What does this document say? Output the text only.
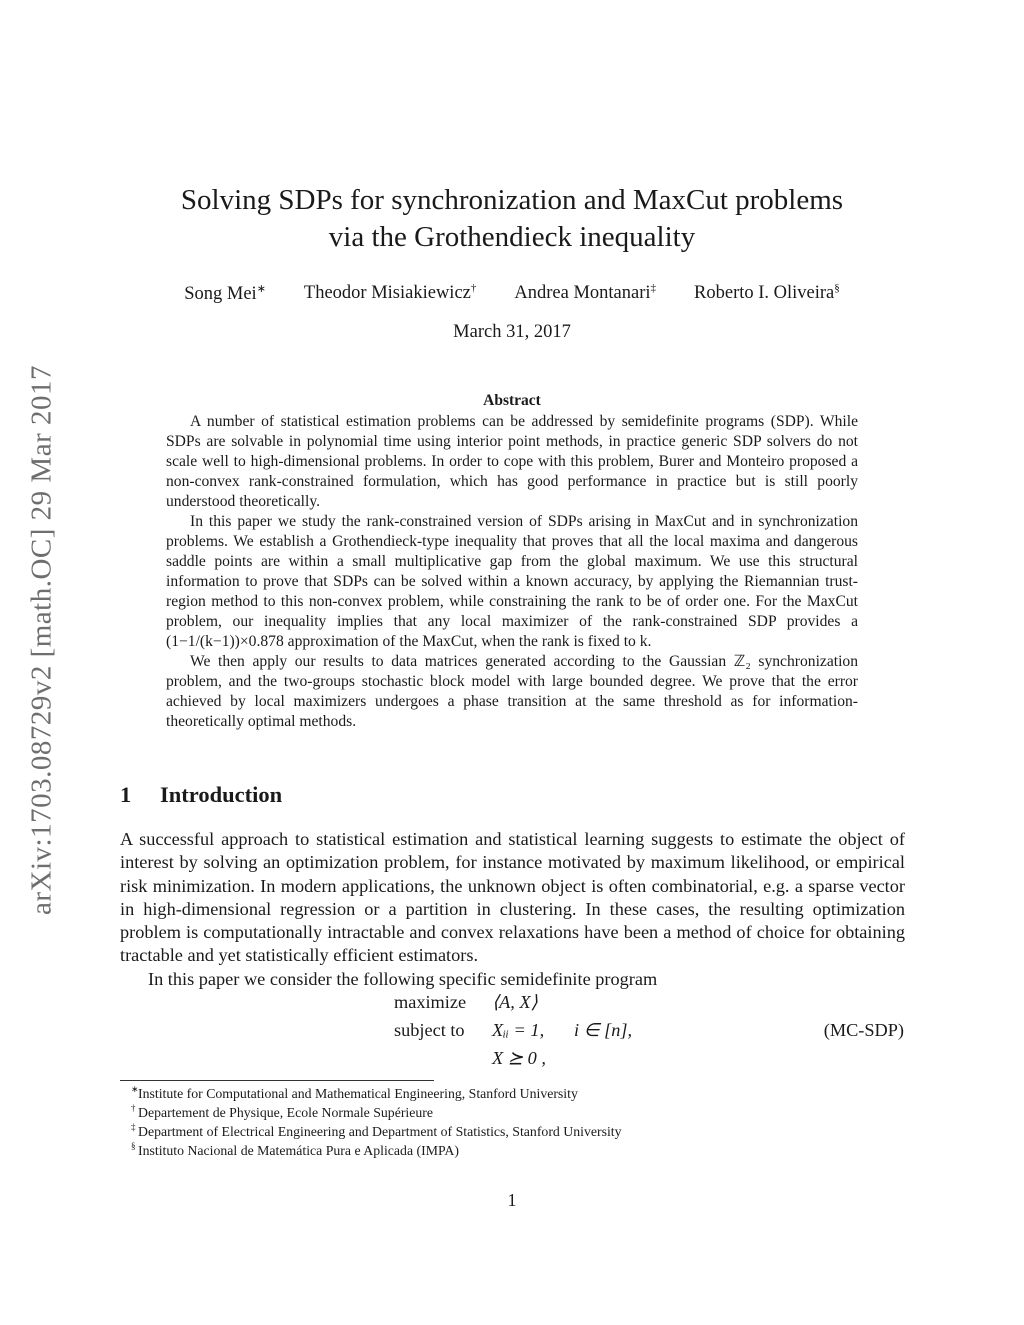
arXiv:1703.08729v2 [math.OC] 29 Mar 2017
Solving SDPs for synchronization and MaxCut problems
via the Grothendieck inequality
Song Mei∗ Theodor Misiakiewicz† Andrea Montanari‡ Roberto I. Oliveira§
March 31, 2017
Abstract

A number of statistical estimation problems can be addressed by semidefinite programs (SDP). While SDPs are solvable in polynomial time using interior point methods, in practice generic SDP solvers do not scale well to high-dimensional problems. In order to cope with this problem, Burer and Monteiro proposed a non-convex rank-constrained formulation, which has good performance in practice but is still poorly understood theoretically.

In this paper we study the rank-constrained version of SDPs arising in MaxCut and in synchronization problems. We establish a Grothendieck-type inequality that proves that all the local maxima and dangerous saddle points are within a small multiplicative gap from the global maximum. We use this structural information to prove that SDPs can be solved within a known accuracy, by applying the Riemannian trust-region method to this non-convex problem, while constraining the rank to be of order one. For the MaxCut problem, our inequality implies that any local maximizer of the rank-constrained SDP provides a (1−1/(k−1))×0.878 approximation of the MaxCut, when the rank is fixed to k.

We then apply our results to data matrices generated according to the Gaussian ℤ₂ synchronization problem, and the two-groups stochastic block model with large bounded degree. We prove that the error achieved by local maximizers undergoes a phase transition at the same threshold as for information-theoretically optimal methods.

1 Introduction

A successful approach to statistical estimation and statistical learning suggests to estimate the object of interest by solving an optimization problem, for instance motivated by maximum likelihood, or empirical risk minimization. In modern applications, the unknown object is often combinatorial, e.g. a sparse vector in high-dimensional regression or a partition in clustering. In these cases, the resulting optimization problem is computationally intractable and convex relaxations have been a method of choice for obtaining tractable and yet statistically efficient estimators.

In this paper we consider the following specific semidefinite program

maximize ⟨A, X⟩
subject to Xᵢᵢ = 1, i ∈ [n],	(MC-SDP)
X ⪰ 0 ,
∗ Institute for Computational and Mathematical Engineering, Stanford University
† Departement de Physique, Ecole Normale Supérieure
‡ Department of Electrical Engineering and Department of Statistics, Stanford University
§ Instituto Nacional de Matemática Pura e Aplicada (IMPA)
1
